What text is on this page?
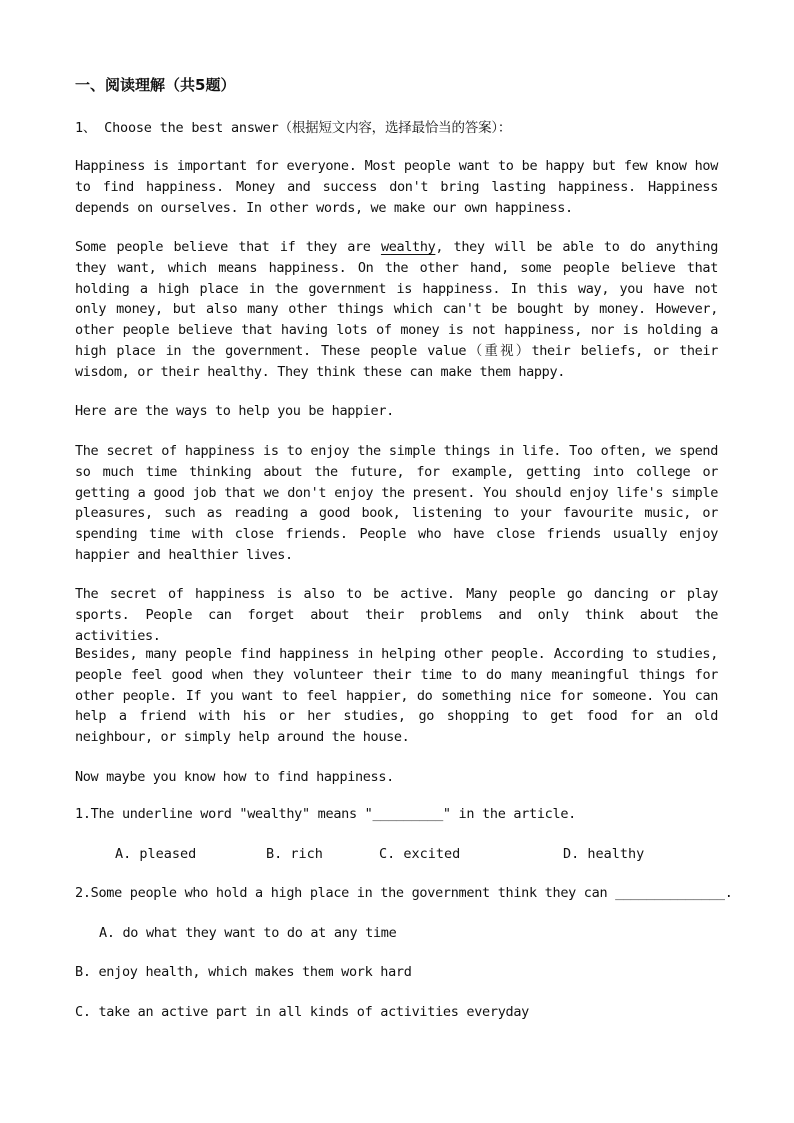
一、阅读理解（共5题）
1、 Choose the best answer（根据短文内容，选择最恰当的答案）：
Happiness is important for everyone. Most people want to be happy but few know how to find happiness. Money and success don't bring lasting happiness. Happiness depends on ourselves. In other words, we make our own happiness.
Some people believe that if they are wealthy, they will be able to do anything they want, which means happiness. On the other hand, some people believe that holding a high place in the government is happiness. In this way, you have not only money, but also many other things which can't be bought by money. However, other people believe that having lots of money is not happiness, nor is holding a high place in the government. These people value（重视）their beliefs, or their wisdom, or their healthy. They think these can make them happy.
Here are the ways to help you be happier.
The secret of happiness is to enjoy the simple things in life. Too often, we spend so much time thinking about the future, for example, getting into college or getting a good job that we don't enjoy the present. You should enjoy life's simple pleasures, such as reading a good book, listening to your favourite music, or spending time with close friends. People who have close friends usually enjoy happier and healthier lives.
The secret of happiness is also to be active. Many people go dancing or play sports. People can forget about their problems and only think about the activities.
Besides, many people find happiness in helping other people. According to studies, people feel good when they volunteer their time to do many meaningful things for other people. If you want to feel happier, do something nice for someone. You can help a friend with his or her studies, go shopping to get food for an old neighbour, or simply help around the house.
Now maybe you know how to find happiness.
1.The underline word "wealthy" means "_________" in the article.
A. pleased	B. rich	C. excited	D. healthy
2.Some people who hold a high place in the government think they can ______________.
A. do what they want to do at any time
B. enjoy health, which makes them work hard
C. take an active part in all kinds of activities everyday
